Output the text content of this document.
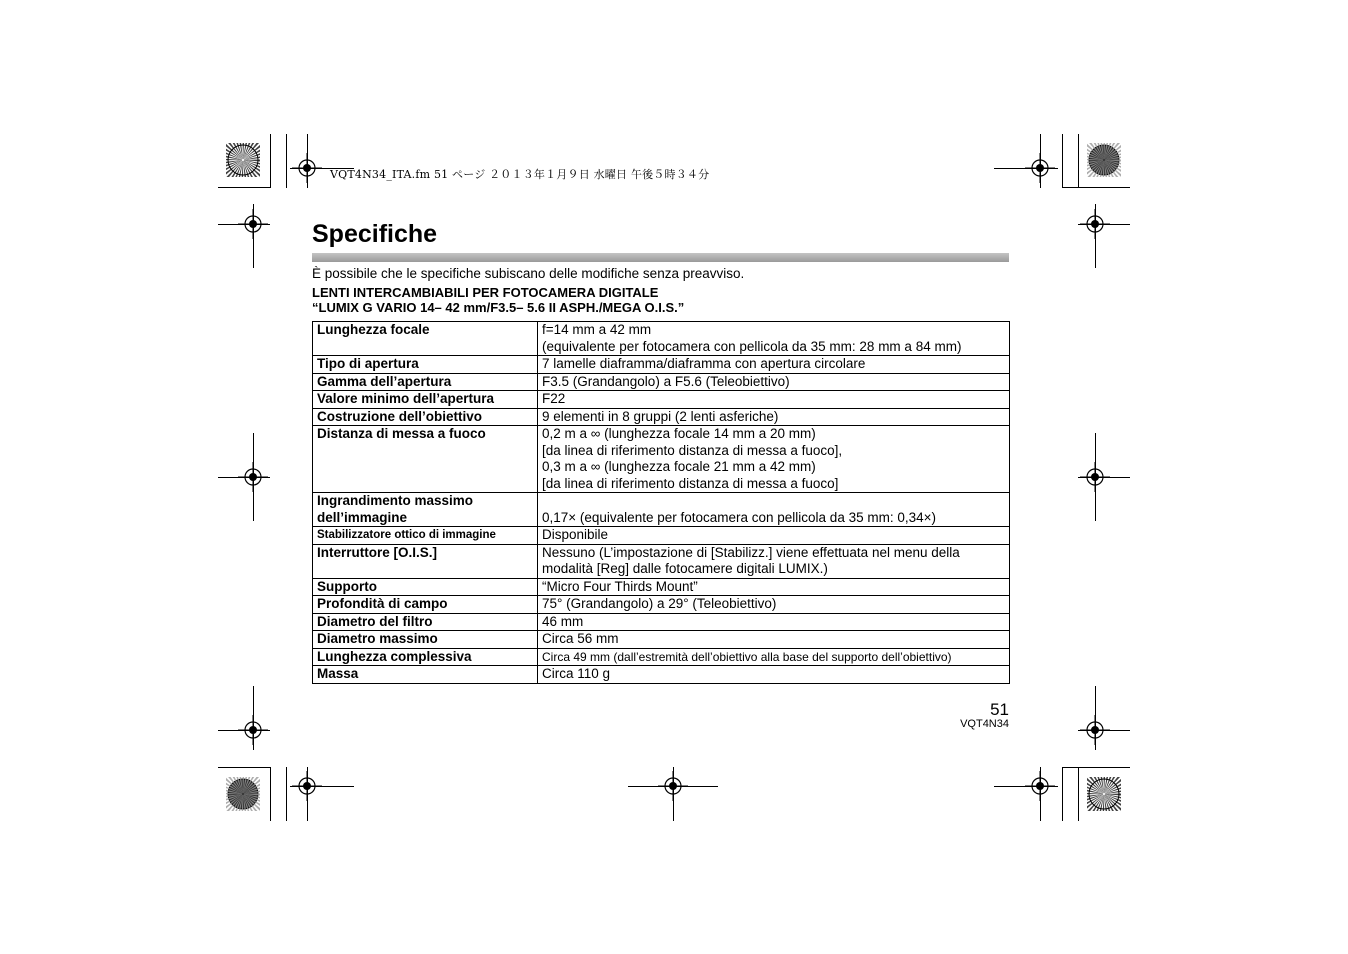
VQT4N34_ITA.fm 51 ページ ２０１３年１月９日 水曜日 午後５時３４分
Specifiche
È possibile che le specifiche subiscano delle modifiche senza preavviso.
LENTI INTERCAMBIABILI PER FOTOCAMERA DIGITALE
“LUMIX G VARIO 14– 42 mm/F3.5– 5.6 II ASPH./MEGA O.I.S.”
Lunghezza focale	f=14 mm a 42 mm
(equivalente per fotocamera con pellicola da 35 mm: 28 mm a 84 mm)

Tipo di apertura	7 lamelle diaframma/diaframma con apertura circolare
Gamma dell’apertura	F3.5 (Grandangolo) a F5.6 (Teleobiettivo)
Valore minimo dell’apertura	F22
Costruzione dell’obiettivo	9 elementi in 8 gruppi (2 lenti asferiche)
Distanza di messa a fuoco	0,2 m a ∞ (lunghezza focale 14 mm a 20 mm)
[da linea di riferimento distanza di messa a fuoco],
0,3 m a ∞ (lunghezza focale 21 mm a 42 mm)
[da linea di riferimento distanza di messa a fuoco]

Ingrandimento massimo
dell’immagine	0,17× (equivalente per fotocamera con pellicola da 35 mm: 0,34×)
Stabilizzatore ottico di immagine	Disponibile
Interruttore [O.I.S.]	Nessuno (L’impostazione di [Stabilizz.] viene effettuata nel menu della
modalità [Reg] dalle fotocamere digitali LUMIX.)

Supporto	“Micro Four Thirds Mount”
Profondità di campo	75° (Grandangolo) a 29° (Teleobiettivo)
Diametro del filtro	46 mm
Diametro massimo	Circa 56 mm
Lunghezza complessiva	Circa 49 mm (dall’estremità dell’obiettivo alla base del supporto dell’obiettivo)
Massa	Circa 110 g
51
VQT4N34
